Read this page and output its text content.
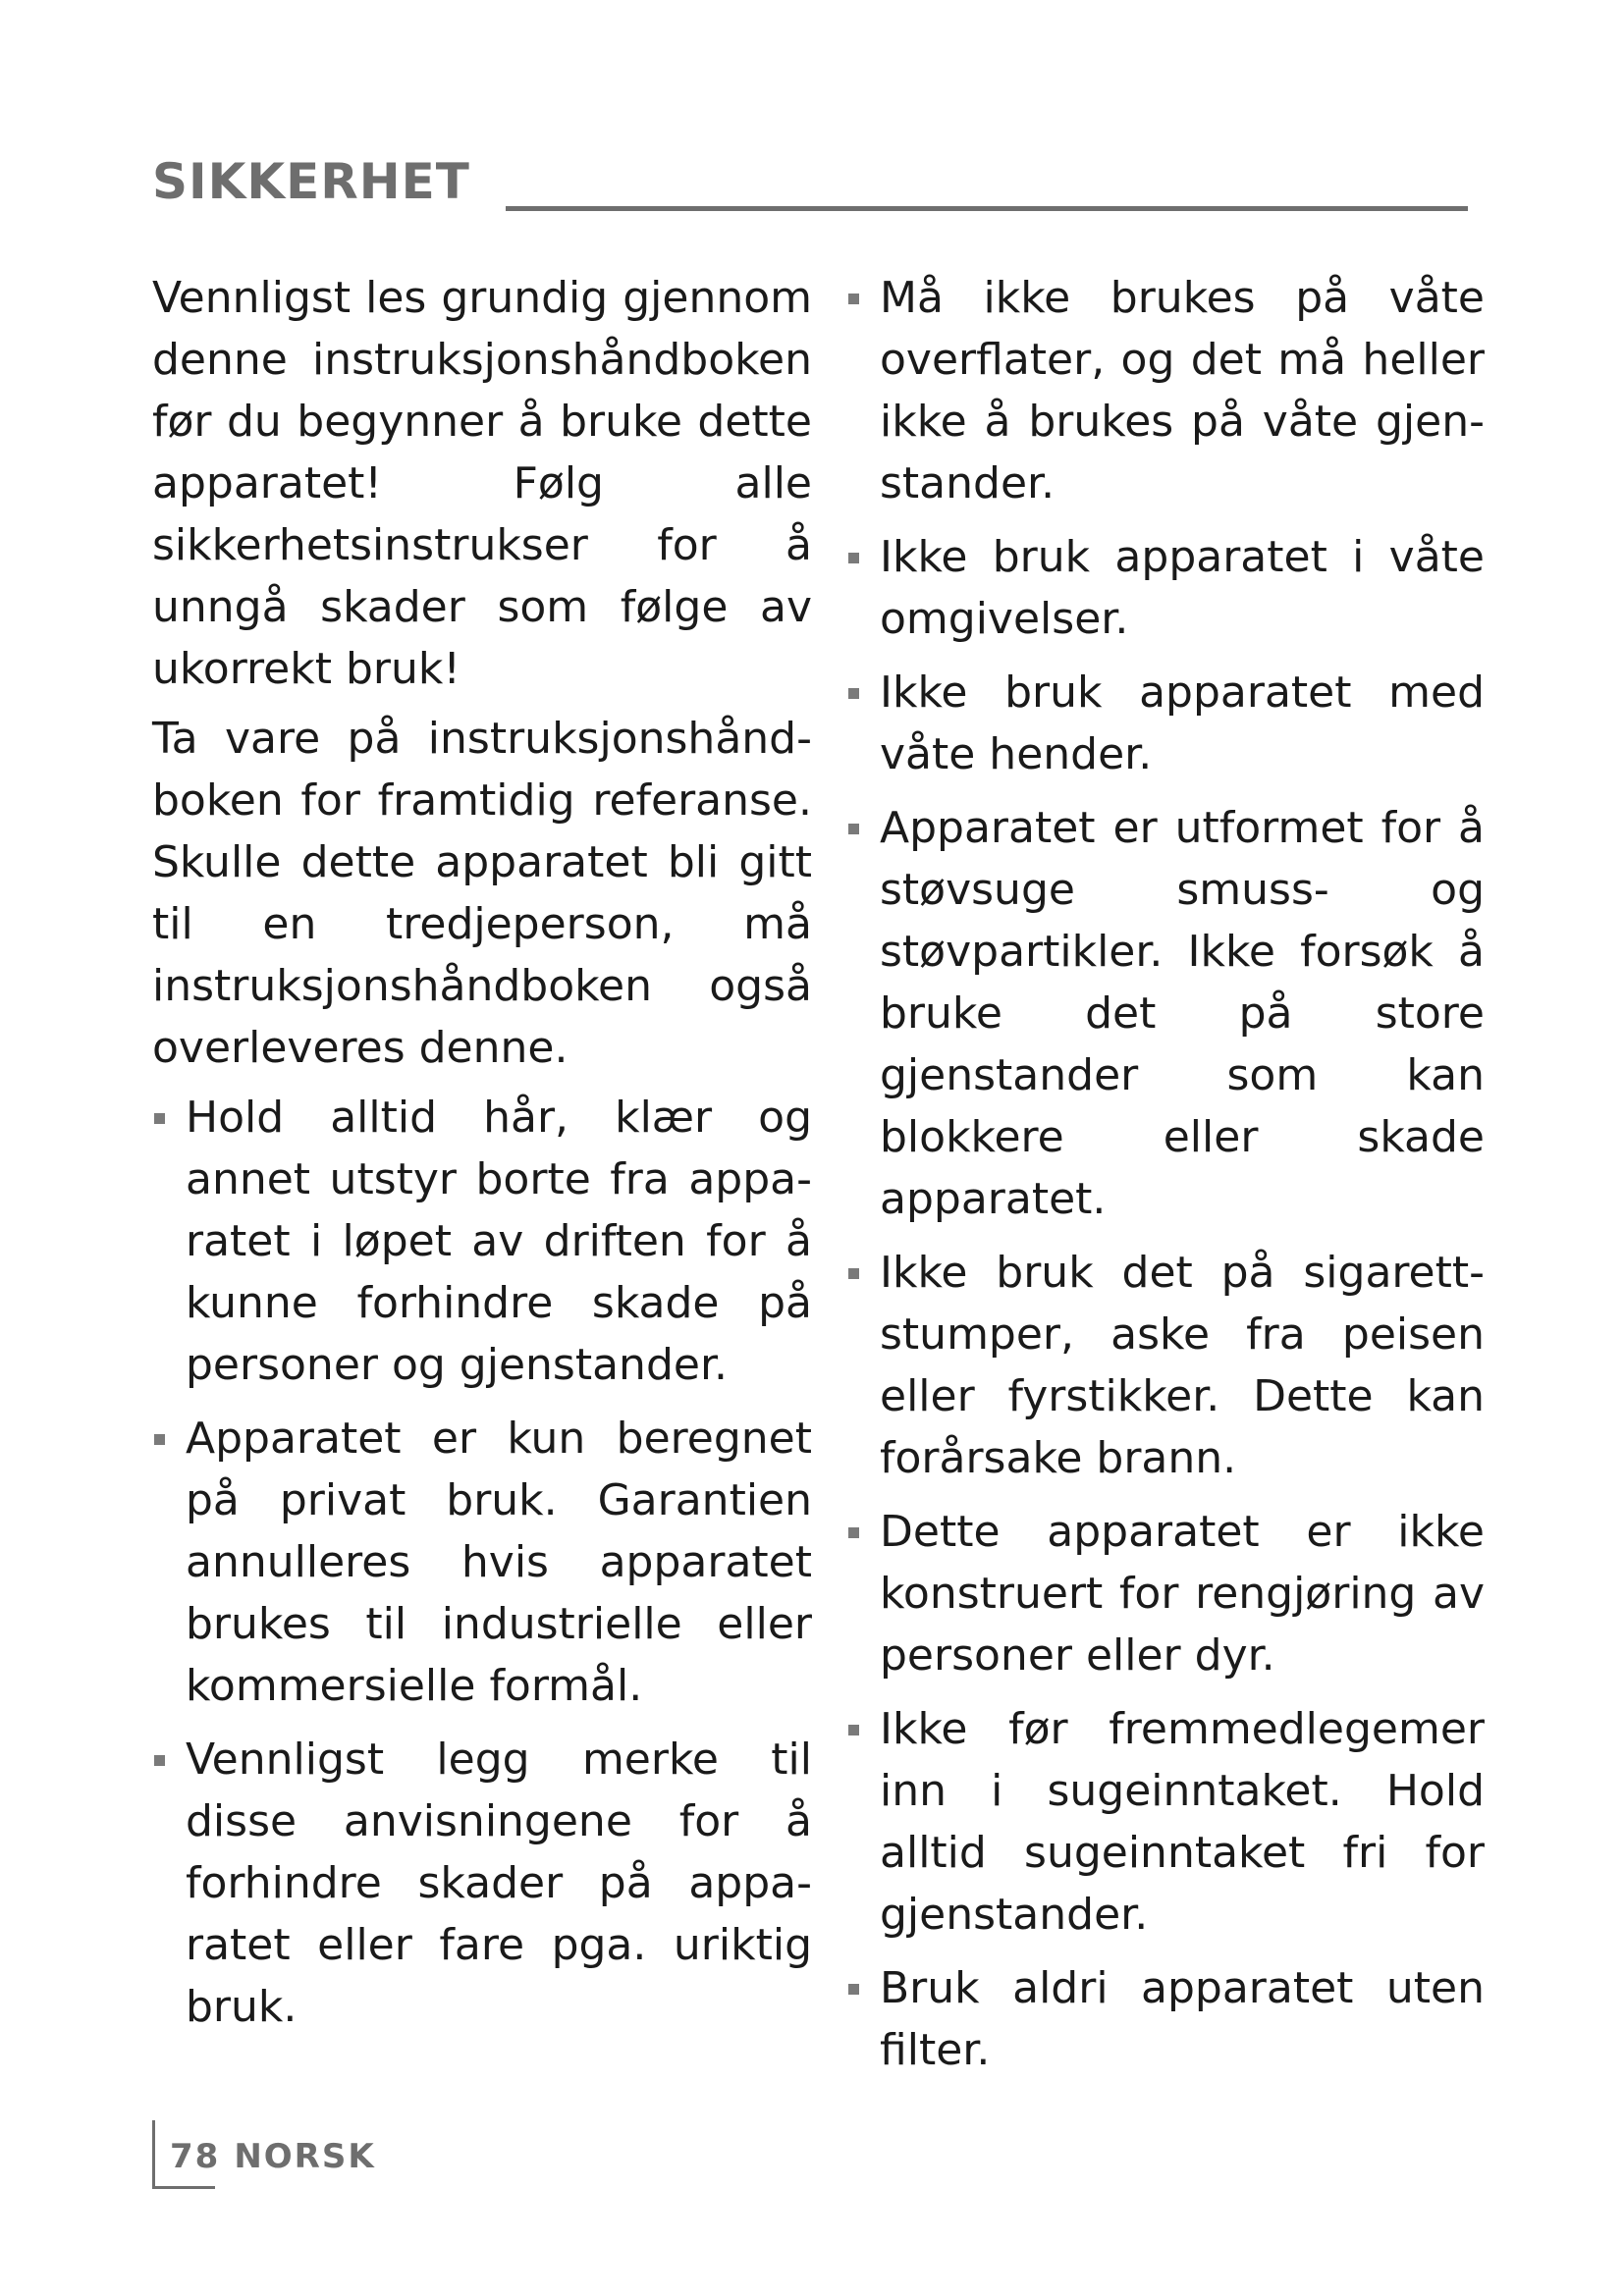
SIKKERHET

Vennligst les grundig gjennom denne instruksjonshåndboken før du begynner å bruke dette apparatet! Følg alle sikkerhetsinstrukser for å unngå skader som følge av ukorrekt bruk!

Ta vare på instruksjonshåndboken for framtidig referanse. Skulle dette apparatet bli gitt til en tredjeperson, må instruksjonshåndboken også overleveres denne.

Hold alltid hår, klær og annet utstyr borte fra apparatet i løpet av driften for å kunne forhindre skade på personer og gjenstander.
Apparatet er kun beregnet på privat bruk. Garantien annulleres hvis apparatet brukes til industrielle eller kommersielle formål.
Vennligst legg merke til disse anvisningene for å forhindre skader på apparatet eller fare pga. uriktig bruk.
Må ikke brukes på våte overflater, og det må heller ikke å brukes på våte gjenstander.
Ikke bruk apparatet i våte omgivelser.
Ikke bruk apparatet med våte hender.
Apparatet er utformet for å støvsuge smuss- og støvpartikler. Ikke forsøk å bruke det på store gjenstander som kan blokkere eller skade apparatet.
Ikke bruk det på sigarettstumper, aske fra peisen eller fyrstikker. Dette kan forårsake brann.
Dette apparatet er ikke konstruert for rengjøring av personer eller dyr.
Ikke før fremmedlegemer inn i sugeinntaket. Hold alltid sugeinntaket fri for gjenstander.
Bruk aldri apparatet uten filter.
78 NORSK
